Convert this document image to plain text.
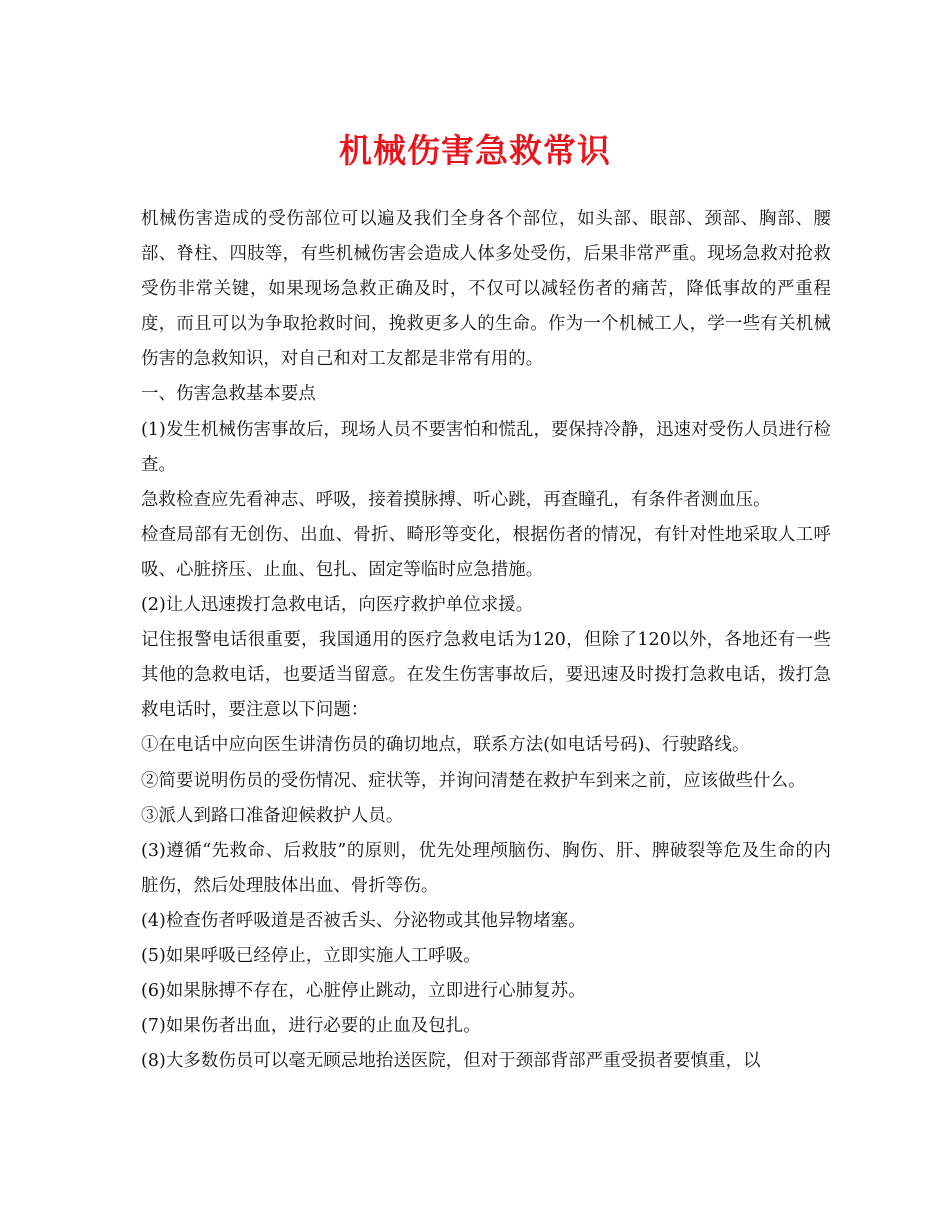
机械伤害急救常识

机械伤害造成的受伤部位可以遍及我们全身各个部位，如头部、眼部、颈部、胸部、腰部、脊柱、四肢等，有些机械伤害会造成人体多处受伤，后果非常严重。现场急救对抢救受伤非常关键，如果现场急救正确及时，不仅可以减轻伤者的痛苦，降低事故的严重程度，而且可以为争取抢救时间，挽救更多人的生命。作为一个机械工人，学一些有关机械伤害的急救知识，对自己和对工友都是非常有用的。

一、伤害急救基本要点

(1)发生机械伤害事故后，现场人员不要害怕和慌乱，要保持冷静，迅速对受伤人员进行检查。

急救检查应先看神志、呼吸，接着摸脉搏、听心跳，再查瞳孔，有条件者测血压。

检查局部有无创伤、出血、骨折、畸形等变化，根据伤者的情况，有针对性地采取人工呼吸、心脏挤压、止血、包扎、固定等临时应急措施。

(2)让人迅速拨打急救电话，向医疗救护单位求援。

记住报警电话很重要，我国通用的医疗急救电话为120，但除了120以外，各地还有一些其他的急救电话，也要适当留意。在发生伤害事故后，要迅速及时拨打急救电话，拨打急救电话时，要注意以下问题：

①在电话中应向医生讲清伤员的确切地点，联系方法(如电话号码)、行驶路线。

②简要说明伤员的受伤情况、症状等，并询问清楚在救护车到来之前，应该做些什么。

③派人到路口准备迎候救护人员。

(3)遵循“先救命、后救肢”的原则，优先处理颅脑伤、胸伤、肝、脾破裂等危及生命的内脏伤，然后处理肢体出血、骨折等伤。

(4)检查伤者呼吸道是否被舌头、分泌物或其他异物堵塞。

(5)如果呼吸已经停止，立即实施人工呼吸。

(6)如果脉搏不存在，心脏停止跳动，立即进行心肺复苏。

(7)如果伤者出血，进行必要的止血及包扎。

(8)大多数伤员可以毫无顾忌地抬送医院，但对于颈部背部严重受损者要慎重，以
